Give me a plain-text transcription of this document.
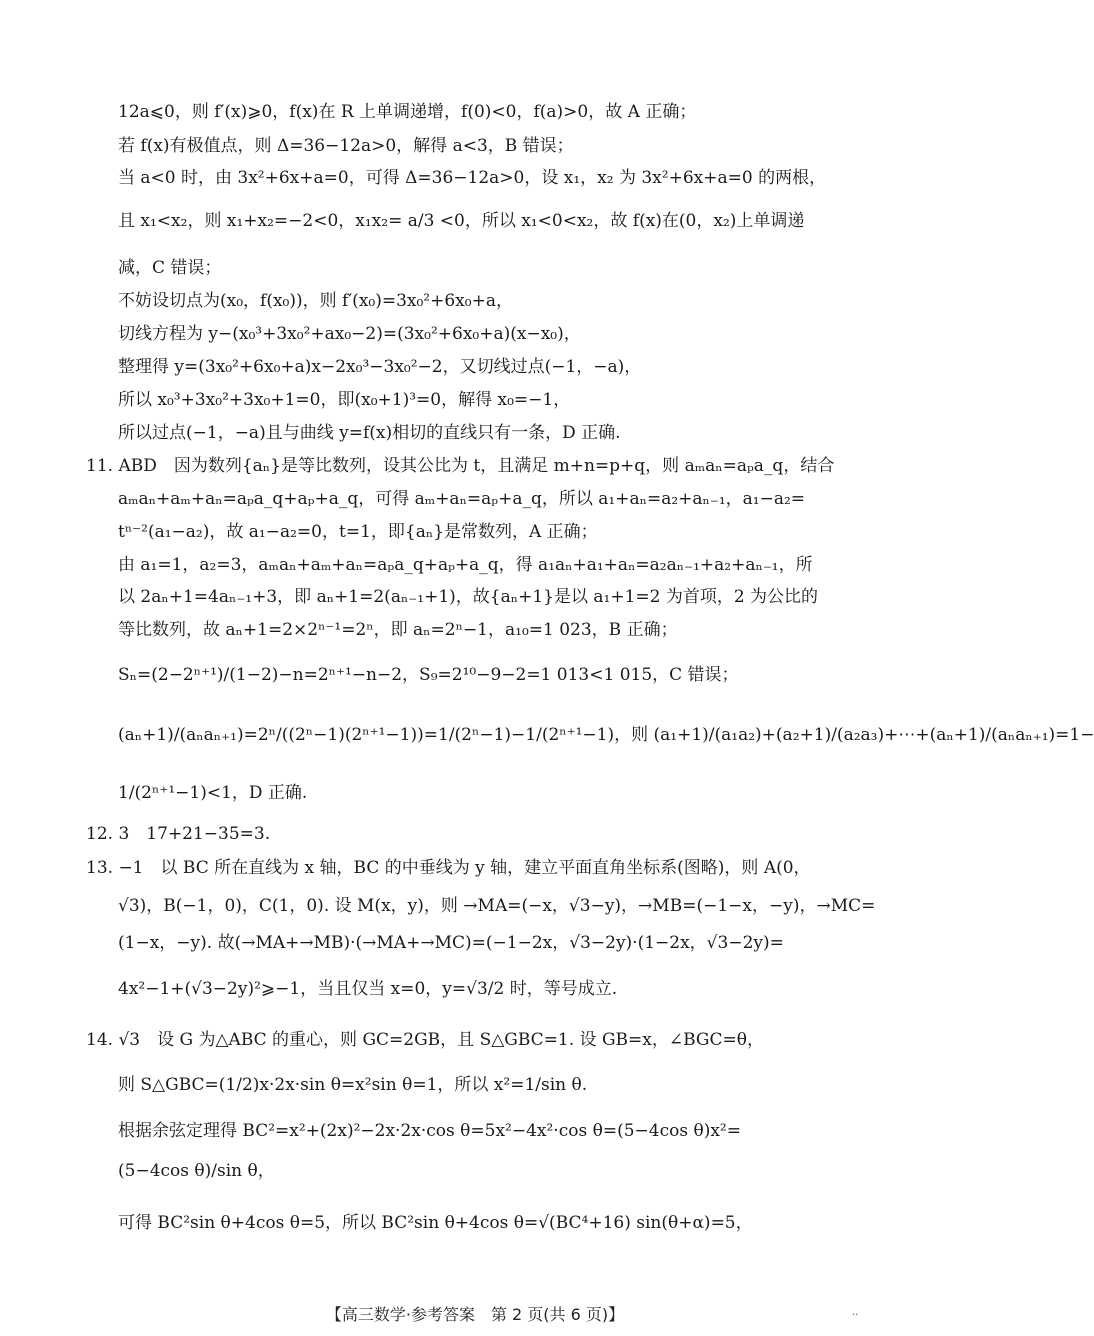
12a⩽0，则 f′(x)⩾0，f(x)在 R 上单调递增，f(0)<0，f(a)>0，故 A 正确；
若 f(x)有极值点，则 Δ=36−12a>0，解得 a<3，B 错误；
当 a<0 时，由 3x²+6x+a=0，可得 Δ=36−12a>0，设 x₁，x₂ 为 3x²+6x+a=0 的两根，
且 x₁<x₂，则 x₁+x₂=−2<0，x₁x₂= a/3 <0，所以 x₁<0<x₂，故 f(x)在(0，x₂)上单调递
减，C 错误；
不妨设切点为(x₀，f(x₀))，则 f′(x₀)=3x₀²+6x₀+a，
切线方程为 y−(x₀³+3x₀²+ax₀−2)=(3x₀²+6x₀+a)(x−x₀)，
整理得 y=(3x₀²+6x₀+a)x−2x₀³−3x₀²−2，又切线过点(−1，−a)，
所以 x₀³+3x₀²+3x₀+1=0，即(x₀+1)³=0，解得 x₀=−1，
所以过点(−1，−a)且与曲线 y=f(x)相切的直线只有一条，D 正确.
11. ABD　因为数列{aₙ}是等比数列，设其公比为 t，且满足 m+n=p+q，则 aₘaₙ=aₚa_q，结合
aₘaₙ+aₘ+aₙ=aₚa_q+aₚ+a_q，可得 aₘ+aₙ=aₚ+a_q，所以 a₁+aₙ=a₂+aₙ₋₁，a₁−a₂=
tⁿ⁻²(a₁−a₂)，故 a₁−a₂=0，t=1，即{aₙ}是常数列，A 正确；
由 a₁=1，a₂=3，aₘaₙ+aₘ+aₙ=aₚa_q+aₚ+a_q，得 a₁aₙ+a₁+aₙ=a₂aₙ₋₁+a₂+aₙ₋₁，所
以 2aₙ+1=4aₙ₋₁+3，即 aₙ+1=2(aₙ₋₁+1)，故{aₙ+1}是以 a₁+1=2 为首项，2 为公比的
等比数列，故 aₙ+1=2×2ⁿ⁻¹=2ⁿ，即 aₙ=2ⁿ−1，a₁₀=1 023，B 正确；
Sₙ=(2−2ⁿ⁺¹)/(1−2)−n=2ⁿ⁺¹−n−2，S₉=2¹⁰−9−2=1 013<1 015，C 错误；
(aₙ+1)/(aₙaₙ₊₁)=2ⁿ/((2ⁿ−1)(2ⁿ⁺¹−1))=1/(2ⁿ−1)−1/(2ⁿ⁺¹−1)，则 (a₁+1)/(a₁a₂)+(a₂+1)/(a₂a₃)+⋯+(aₙ+1)/(aₙaₙ₊₁)=1−
1/(2ⁿ⁺¹−1)<1，D 正确.
12. 3　17+21−35=3.
13. −1　以 BC 所在直线为 x 轴，BC 的中垂线为 y 轴，建立平面直角坐标系(图略)，则 A(0，
√3)，B(−1，0)，C(1，0). 设 M(x，y)，则 →MA=(−x，√3−y)，→MB=(−1−x，−y)，→MC=
(1−x，−y). 故(→MA+→MB)·(→MA+→MC)=(−1−2x，√3−2y)·(1−2x，√3−2y)=
4x²−1+(√3−2y)²⩾−1，当且仅当 x=0，y=√3/2 时，等号成立.
14. √3　设 G 为△ABC 的重心，则 GC=2GB，且 S△GBC=1. 设 GB=x，∠BGC=θ，
则 S△GBC=(1/2)x·2x·sin θ=x²sin θ=1，所以 x²=1/sin θ.
根据余弦定理得 BC²=x²+(2x)²−2x·2x·cos θ=5x²−4x²·cos θ=(5−4cos θ)x²=
(5−4cos θ)/sin θ，
可得 BC²sin θ+4cos θ=5，所以 BC²sin θ+4cos θ=√(BC⁴+16) sin(θ+α)=5，
【高三数学·参考答案　第 2 页(共 6 页)】	··
